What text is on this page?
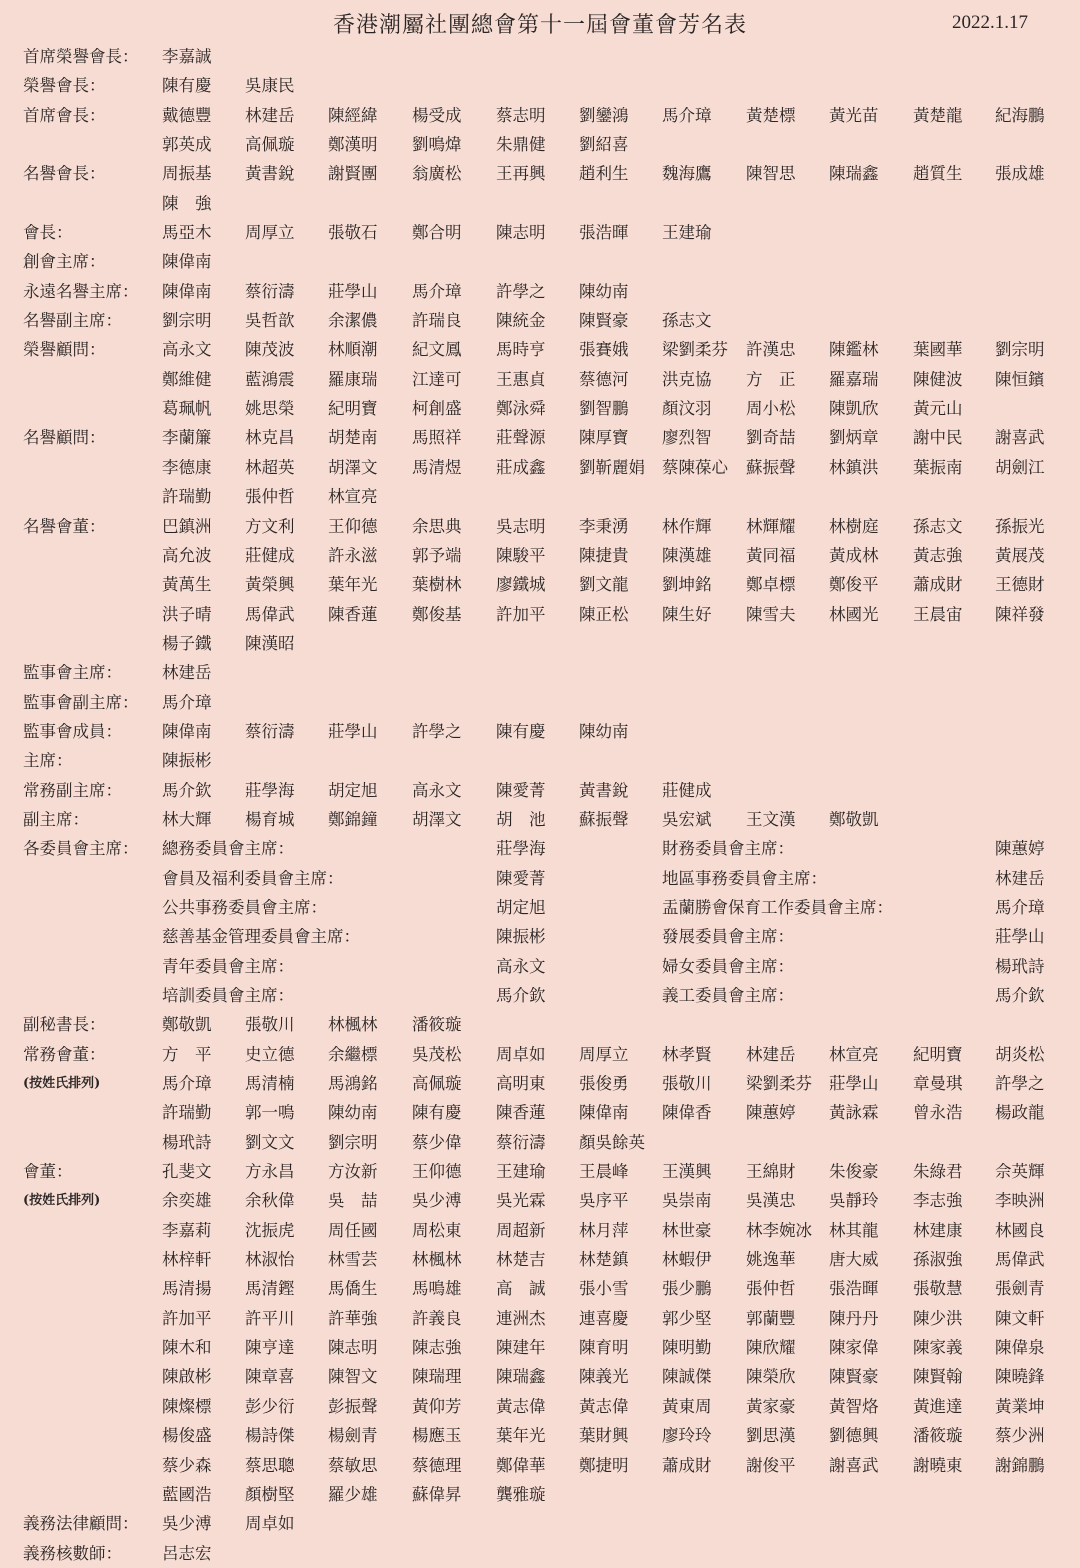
香港潮屬社團總會第十一屆會董會芳名表	2022.1.17
首席榮譽會長： 李嘉誠
榮譽會長：	陳有慶 吳康民
首席會長：	戴德豐 林建岳 陳經緯 楊受成 蔡志明 劉鑾鴻 馬介璋 黃楚標 黃光苗 黃楚龍 紀海鵬
郭英成 高佩璇 鄭漢明 劉鳴煒 朱鼎健 劉紹喜
名譽會長：	周振基 黃書銳 謝賢團 翁廣松 王再興 趙利生 魏海鷹 陳智思 陳瑞鑫 趙質生 張成雄
陳　強
會長：	馬亞木 周厚立 張敬石 鄭合明 陳志明 張浩暉 王建瑜
創會主席：	陳偉南
永遠名譽主席： 陳偉南 蔡衍濤 莊學山 馬介璋 許學之 陳幼南
名譽副主席： 劉宗明 吳哲歆 余潔儂 許瑞良 陳統金 陳賢豪 孫志文
榮譽顧問：	高永文 陳茂波 林順潮 紀文鳳 馬時亨 張賽娥 梁劉柔芬 許漢忠 陳鑑林 葉國華 劉宗明
鄭維健 藍鴻震 羅康瑞 江達可 王惠貞 蔡德河 洪克協 方　正 羅嘉瑞 陳健波 陳恒鑌
葛珮帆 姚思榮 紀明寶 柯創盛 鄭泳舜 劉智鵬 顏汶羽 周小松 陳凱欣 黃元山
名譽顧問：	李蘭簾 林克昌 胡楚南 馬照祥 莊聲源 陳厚寶 廖烈智 劉奇喆 劉炳章 謝中民 謝喜武
李德康 林超英 胡澤文 馬清煜 莊成鑫 劉靳麗娟 蔡陳葆心 蘇振聲 林鎮洪 葉振南 胡劍江
許瑞勤 張仲哲 林宣亮
名譽會董：	巴鎮洲 方文利 王仰德 余思典 吳志明 李秉湧 林作輝 林輝耀 林樹庭 孫志文 孫振光
高允波 莊健成 許永滋 郭予端 陳駿平 陳捷貴 陳漢雄 黃同福 黃成林 黃志強 黃展茂
黃萬生 黃榮興 葉年光 葉樹林 廖鐵城 劉文龍 劉坤銘 鄭卓標 鄭俊平 蕭成財 王德財
洪子晴 馬偉武 陳香蓮 鄭俊基 許加平 陳正松 陳生好 陳雪夫 林國光 王晨宙 陳祥發
楊子鐵 陳漢昭
監事會主席： 林建岳
監事會副主席： 馬介璋
監事會成員： 陳偉南 蔡衍濤 莊學山 許學之 陳有慶 陳幼南
主席：	陳振彬
常務副主席： 馬介欽 莊學海 胡定旭 高永文 陳愛菁 黃書銳 莊健成
副主席：	林大輝 楊育城 鄭錦鐘 胡澤文 胡　池 蘇振聲 吳宏斌 王文漢 鄭敬凱
各委員會主席： 總務委員會主席：	莊學海	財務委員會主席：	陳蕙婷
會員及福利委員會主席：	陳愛菁	地區事務委員會主席：	林建岳
公共事務委員會主席：	胡定旭	盂蘭勝會保育工作委員會主席：	馬介璋
慈善基金管理委員會主席：	陳振彬	發展委員會主席：	莊學山
青年委員會主席：	高永文	婦女委員會主席：	楊玳詩
培訓委員會主席：	馬介欽	義工委員會主席：	馬介欽
副秘書長：	鄭敬凱 張敬川 林楓林 潘筱璇
常務會董：	方　平 史立德 余繼標 吳茂松 周卓如 周厚立 林孝賢 林建岳 林宣亮 紀明寶 胡炎松
(按姓氏排列)	馬介璋 馬清楠 馬鴻銘 高佩璇 高明東 張俊勇 張敬川 梁劉柔芬 莊學山 章曼琪 許學之
許瑞勤 郭一鳴 陳幼南 陳有慶 陳香蓮 陳偉南 陳偉香 陳蕙婷 黃詠霖 曾永浩 楊政龍
楊玳詩 劉文文 劉宗明 蔡少偉 蔡衍濤 顏吳餘英
會董：	孔斐文 方永昌 方汝新 王仰德 王建瑜 王晨峰 王漢興 王綿財 朱俊豪 朱綠君 佘英輝
(按姓氏排列)	余奕雄 余秋偉 吳　喆 吳少溥 吳光霖 吳序平 吳崇南 吳漢忠 吳靜玲 李志強 李映洲
李嘉莉 沈振虎 周任國 周松東 周超新 林月萍 林世豪 林李婉冰 林其龍 林建康 林國良
林梓軒 林淑怡 林雪芸 林楓林 林楚吉 林楚鎮 林蝦伊 姚逸華 唐大威 孫淑強 馬偉武
馬清揚 馬清鏗 馬僑生 馬鳴雄 高　誠 張小雪 張少鵬 張仲哲 張浩暉 張敬慧 張劍青
許加平 許平川 許華強 許義良 連洲杰 連喜慶 郭少堅 郭蘭豐 陳丹丹 陳少洪 陳文軒
陳木和 陳亨達 陳志明 陳志強 陳建年 陳育明 陳明勤 陳欣耀 陳家偉 陳家義 陳偉泉
陳啟彬 陳章喜 陳智文 陳瑞理 陳瑞鑫 陳義光 陳誠傑 陳榮欣 陳賢豪 陳賢翰 陳曉鋒
陳燦標 彭少衍 彭振聲 黃仰芳 黃志偉 黃志偉 黃東周 黃家豪 黃智烙 黃進達 黃業坤
楊俊盛 楊詩傑 楊劍青 楊應玉 葉年光 葉財興 廖玲玲 劉思漢 劉德興 潘筱璇 蔡少洲
蔡少森 蔡思聰 蔡敏思 蔡德理 鄭偉華 鄭捷明 蕭成財 謝俊平 謝喜武 謝曉東 謝錦鵬
藍國浩 顏樹堅 羅少雄 蘇偉昇 龔雅璇
義務法律顧問： 吳少溥 周卓如
義務核數師： 呂志宏
